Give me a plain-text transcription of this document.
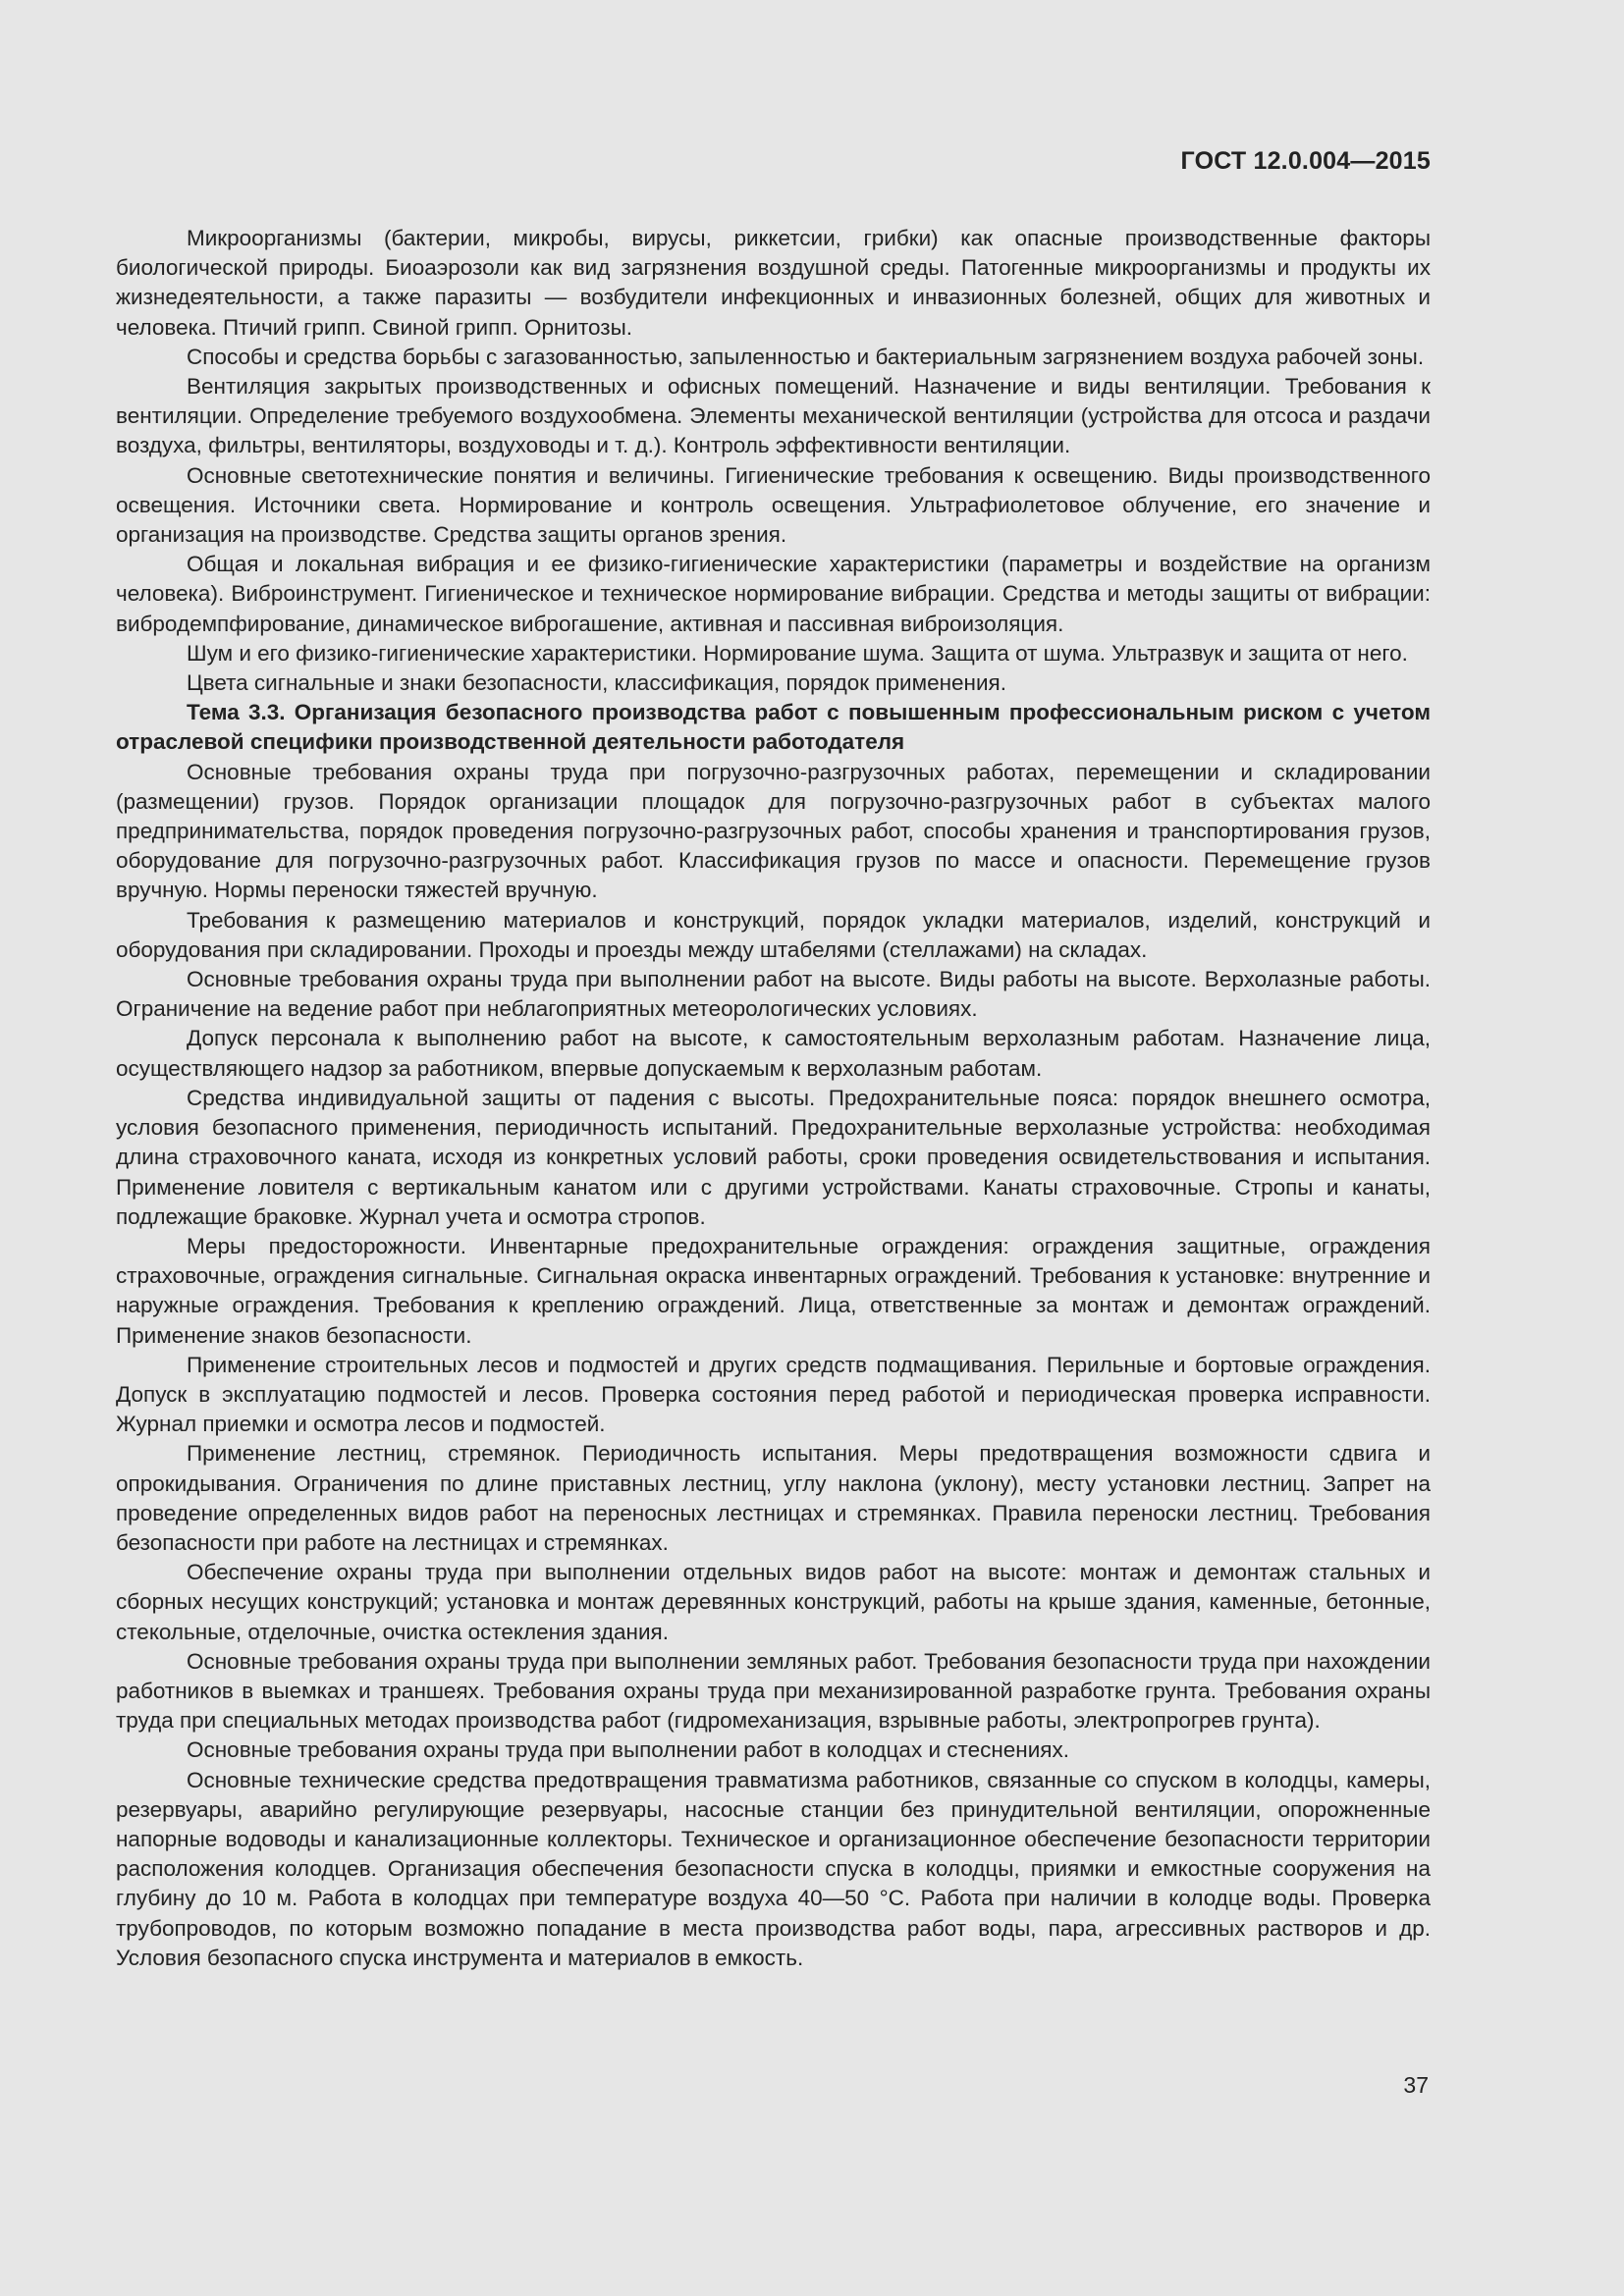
ГОСТ 12.0.004—2015

Микроорганизмы (бактерии, микробы, вирусы, риккетсии, грибки) как опасные производственные факторы биологической природы. Биоаэрозоли как вид загрязнения воздушной среды. Патогенные микроорганизмы и продукты их жизнедеятельности, а также паразиты — возбудители инфекционных и инвазионных болезней, общих для животных и человека. Птичий грипп. Свиной грипп. Орнитозы.

Способы и средства борьбы с загазованностью, запыленностью и бактериальным загрязнением воздуха рабочей зоны.

Вентиляция закрытых производственных и офисных помещений. Назначение и виды вентиляции. Требования к вентиляции. Определение требуемого воздухообмена. Элементы механической вентиляции (устройства для отсоса и раздачи воздуха, фильтры, вентиляторы, воздуховоды и т. д.). Контроль эффективности вентиляции.

Основные светотехнические понятия и величины. Гигиенические требования к освещению. Виды производственного освещения. Источники света. Нормирование и контроль освещения. Ультрафиолетовое облучение, его значение и организация на производстве. Средства защиты органов зрения.

Общая и локальная вибрация и ее физико-гигиенические характеристики (параметры и воздействие на организм человека). Виброинструмент. Гигиеническое и техническое нормирование вибрации. Средства и методы защиты от вибрации: вибродемпфирование, динамическое виброгашение, активная и пассивная виброизоляция.

Шум и его физико-гигиенические характеристики. Нормирование шума. Защита от шума. Ультразвук и защита от него.

Цвета сигнальные и знаки безопасности, классификация, порядок применения.

Тема 3.3. Организация безопасного производства работ с повышенным профессиональным риском с учетом отраслевой специфики производственной деятельности работодателя

Основные требования охраны труда при погрузочно-разгрузочных работах, перемещении и складировании (размещении) грузов. Порядок организации площадок для погрузочно-разгрузочных работ в субъектах малого предпринимательства, порядок проведения погрузочно-разгрузочных работ, способы хранения и транспортирования грузов, оборудование для погрузочно-разгрузочных работ. Классификация грузов по массе и опасности. Перемещение грузов вручную. Нормы переноски тяжестей вручную.

Требования к размещению материалов и конструкций, порядок укладки материалов, изделий, конструкций и оборудования при складировании. Проходы и проезды между штабелями (стеллажами) на складах.

Основные требования охраны труда при выполнении работ на высоте. Виды работы на высоте. Верхолазные работы. Ограничение на ведение работ при неблагоприятных метеорологических условиях.

Допуск персонала к выполнению работ на высоте, к самостоятельным верхолазным работам. Назначение лица, осуществляющего надзор за работником, впервые допускаемым к верхолазным работам.

Средства индивидуальной защиты от падения с высоты. Предохранительные пояса: порядок внешнего осмотра, условия безопасного применения, периодичность испытаний. Предохранительные верхолазные устройства: необходимая длина страховочного каната, исходя из конкретных условий работы, сроки проведения освидетельствования и испытания. Применение ловителя с вертикальным канатом или с другими устройствами. Канаты страховочные. Стропы и канаты, подлежащие браковке. Журнал учета и осмотра стропов.

Меры предосторожности. Инвентарные предохранительные ограждения: ограждения защитные, ограждения страховочные, ограждения сигнальные. Сигнальная окраска инвентарных ограждений. Требования к установке: внутренние и наружные ограждения. Требования к креплению ограждений. Лица, ответственные за монтаж и демонтаж ограждений. Применение знаков безопасности.

Применение строительных лесов и подмостей и других средств подмащивания. Перильные и бортовые ограждения. Допуск в эксплуатацию подмостей и лесов. Проверка состояния перед работой и периодическая проверка исправности. Журнал приемки и осмотра лесов и подмостей.

Применение лестниц, стремянок. Периодичность испытания. Меры предотвращения возможности сдвига и опрокидывания. Ограничения по длине приставных лестниц, углу наклона (уклону), месту установки лестниц. Запрет на проведение определенных видов работ на переносных лестницах и стремянках. Правила переноски лестниц. Требования безопасности при работе на лестницах и стремянках.

Обеспечение охраны труда при выполнении отдельных видов работ на высоте: монтаж и демонтаж стальных и сборных несущих конструкций; установка и монтаж деревянных конструкций, работы на крыше здания, каменные, бетонные, стекольные, отделочные, очистка остекления здания.

Основные требования охраны труда при выполнении земляных работ. Требования безопасности труда при нахождении работников в выемках и траншеях. Требования охраны труда при механизированной разработке грунта. Требования охраны труда при специальных методах производства работ (гидромеханизация, взрывные работы, электропрогрев грунта).

Основные требования охраны труда при выполнении работ в колодцах и стеснениях.

Основные технические средства предотвращения травматизма работников, связанные со спуском в колодцы, камеры, резервуары, аварийно регулирующие резервуары, насосные станции без принудительной вентиляции, опорожненные напорные водоводы и канализационные коллекторы. Техническое и организационное обеспечение безопасности территории расположения колодцев. Организация обеспечения безопасности спуска в колодцы, приямки и емкостные сооружения на глубину до 10 м. Работа в колодцах при температуре воздуха 40—50 °С. Работа при наличии в колодце воды. Проверка трубопроводов, по которым возможно попадание в места производства работ воды, пара, агрессивных растворов и др. Условия безопасного спуска инструмента и материалов в емкость.

37
